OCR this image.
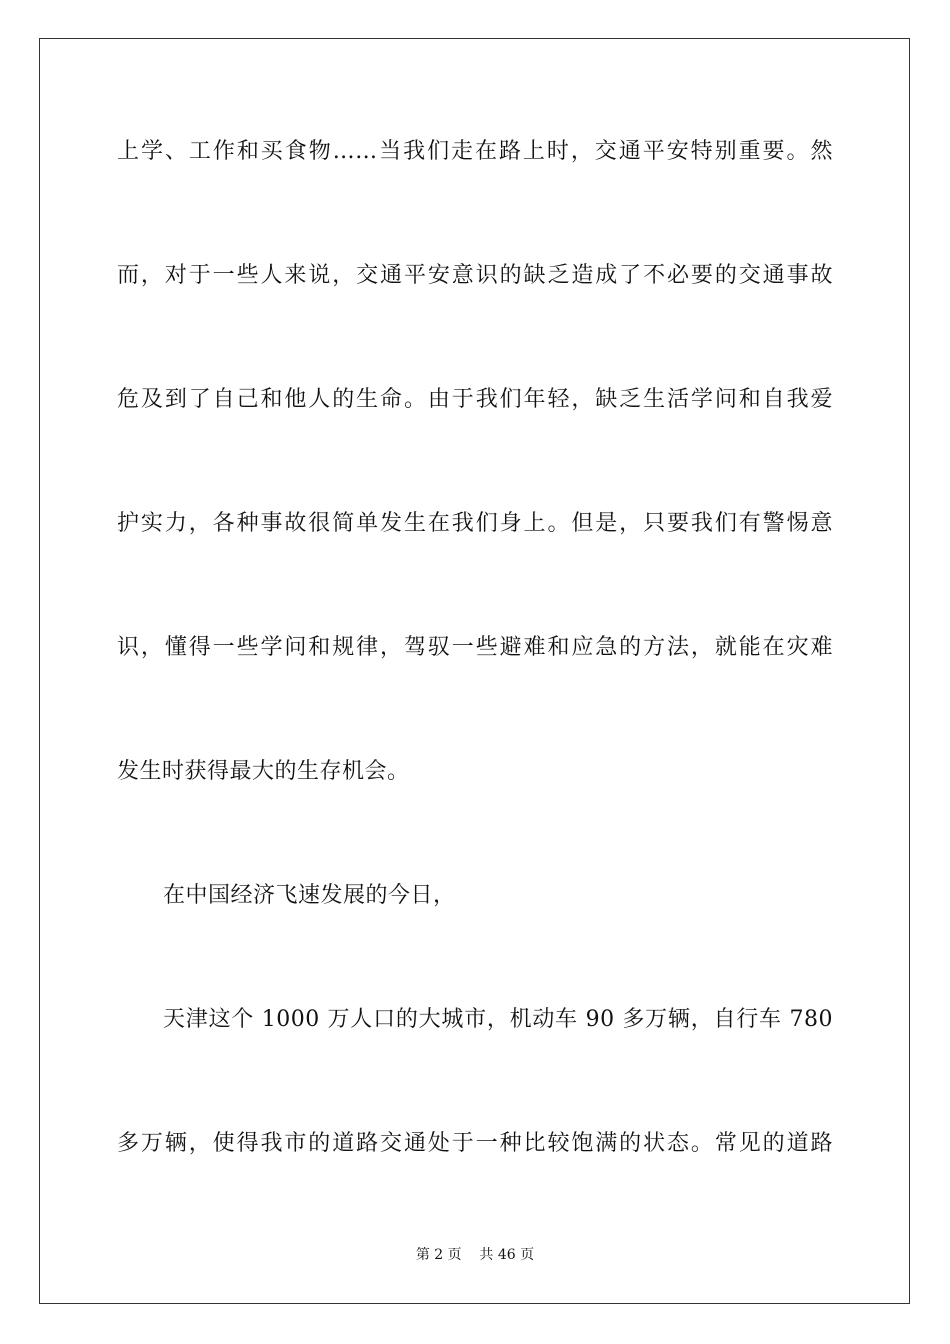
上学、工作和买食物……当我们走在路上时，交通平安特别重要。然
而，对于一些人来说，交通平安意识的缺乏造成了不必要的交通事故
危及到了自己和他人的生命。由于我们年轻，缺乏生活学问和自我爱
护实力，各种事故很简单发生在我们身上。但是，只要我们有警惕意
识，懂得一些学问和规律，驾驭一些避难和应急的方法，就能在灾难
发生时获得最大的生存机会。
在中国经济飞速发展的今日，
天津这个 1000 万人口的大城市，机动车 90 多万辆，自行车 780
多万辆，使得我市的道路交通处于一种比较饱满的状态。常见的道路
第 2 页    共 46 页
